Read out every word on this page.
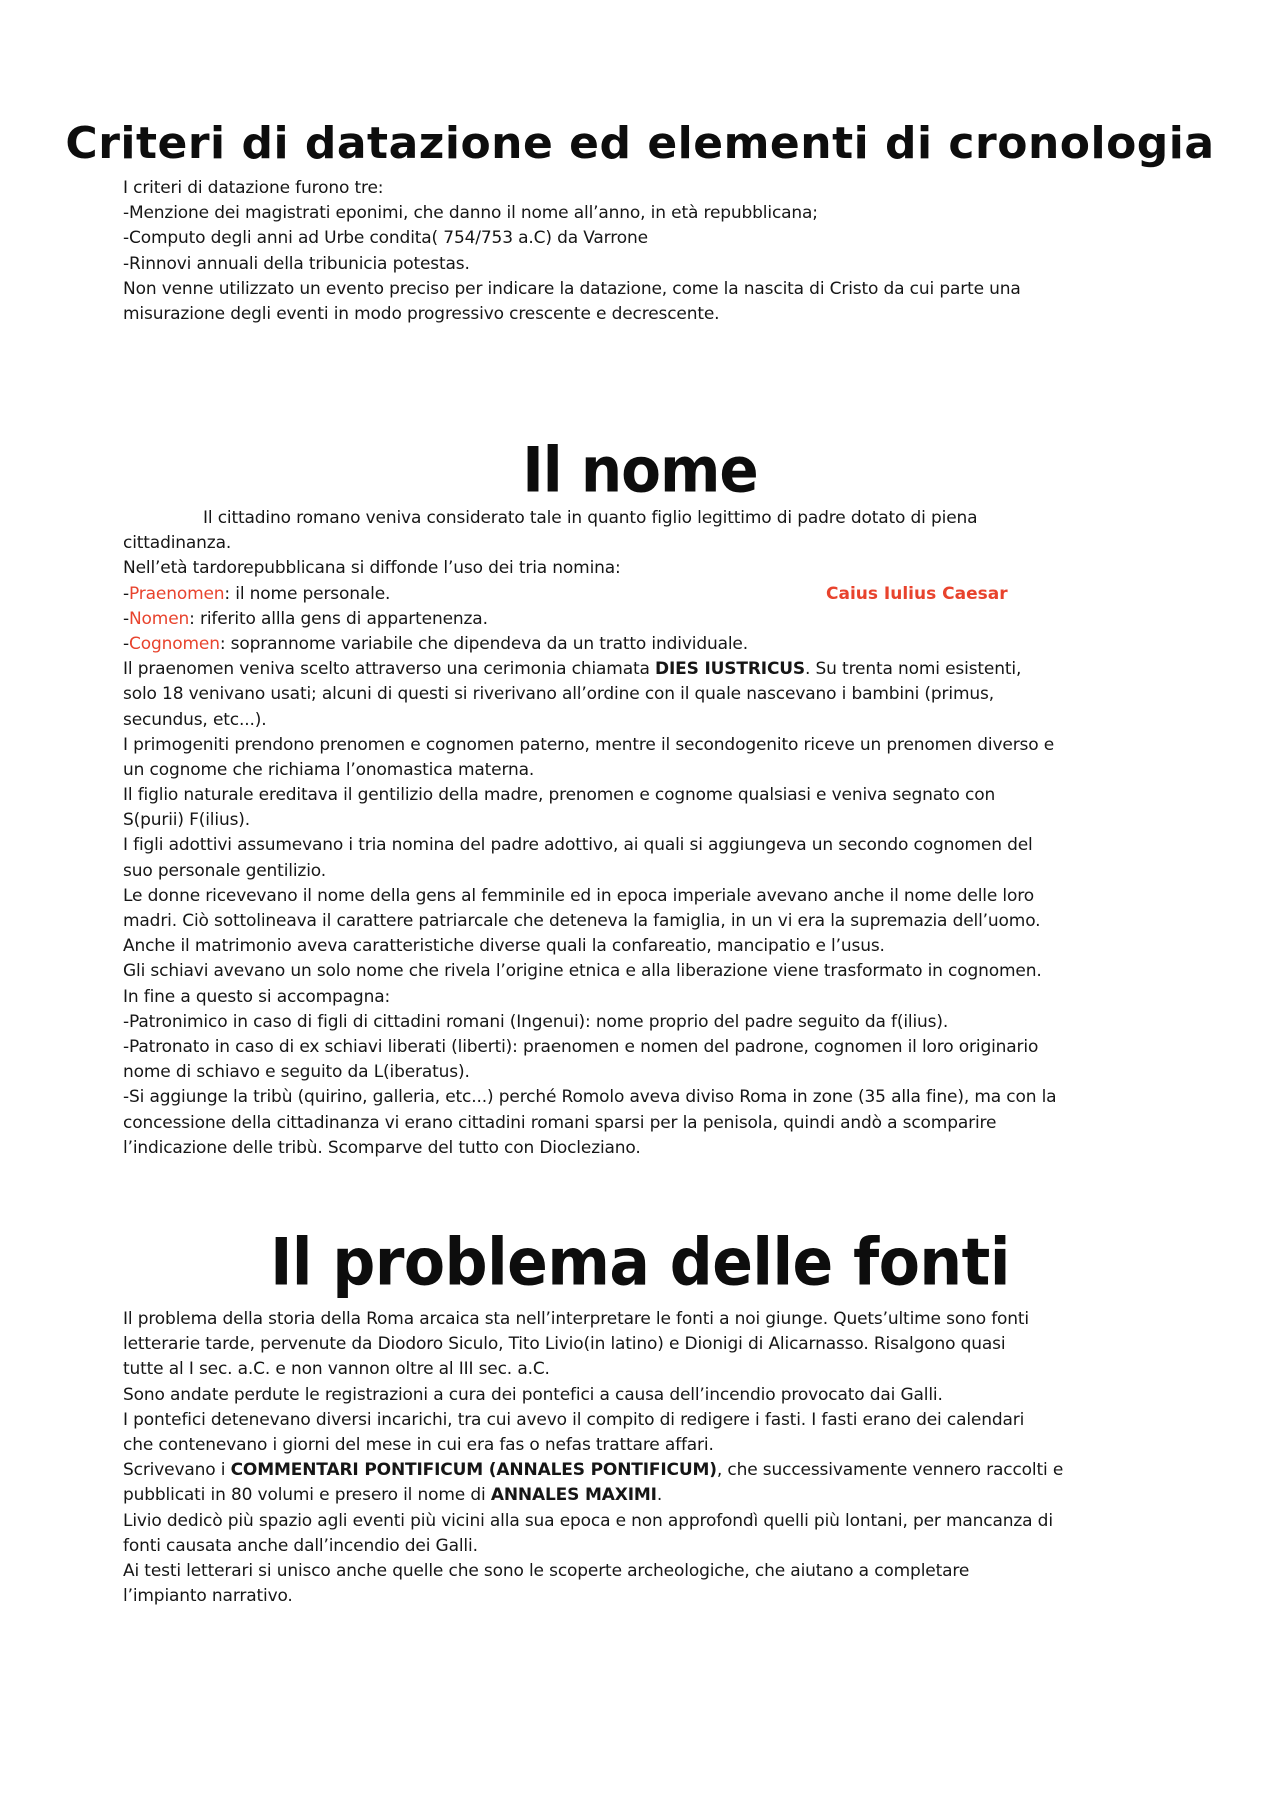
Criteri di datazione ed elementi di cronologia
I criteri di datazione furono tre:
-Menzione dei magistrati eponimi, che danno il nome all’anno, in età repubblicana;
-Computo degli anni ad Urbe condita( 754/753 a.C) da Varrone
-Rinnovi annuali della tribunicia potestas.
Non venne utilizzato un evento preciso per indicare la datazione, come la nascita di Cristo da cui parte una
misurazione degli eventi in modo progressivo crescente e decrescente.
Il nome
Caius Iulius Caesar
Il cittadino romano veniva considerato tale in quanto figlio legittimo di padre dotato di piena
cittadinanza.
Nell’età tardorepubblicana si diffonde l’uso dei tria nomina:
-Praenomen: il nome personale.
-Nomen: riferito allla gens di appartenenza.
-Cognomen: soprannome variabile che dipendeva da un tratto individuale.
Il praenomen veniva scelto attraverso una cerimonia chiamata DIES IUSTRICUS. Su trenta nomi esistenti,
solo 18 venivano usati; alcuni di questi si riverivano all’ordine con il quale nascevano i bambini (primus,
secundus, etc...).
I primogeniti prendono prenomen e cognomen paterno, mentre il secondogenito riceve un prenomen diverso e
un cognome che richiama l’onomastica materna.
Il figlio naturale ereditava il gentilizio della madre, prenomen e cognome qualsiasi e veniva segnato con
S(purii) F(ilius).
I figli adottivi assumevano i tria nomina del padre adottivo, ai quali si aggiungeva un secondo cognomen del
suo personale gentilizio.
Le donne ricevevano il nome della gens al femminile ed in epoca imperiale avevano anche il nome delle loro
madri. Ciò sottolineava il carattere patriarcale che deteneva la famiglia, in un vi era la supremazia dell’uomo.
Anche il matrimonio aveva caratteristiche diverse quali la confareatio, mancipatio e l’usus.
Gli schiavi avevano un solo nome che rivela l’origine etnica e alla liberazione viene trasformato in cognomen.
In fine a questo si accompagna:
-Patronimico in caso di figli di cittadini romani (Ingenui): nome proprio del padre seguito da f(ilius).
-Patronato in caso di ex schiavi liberati (liberti): praenomen e nomen del padrone, cognomen il loro originario
nome di schiavo e seguito da L(iberatus).
-Si aggiunge la tribù (quirino, galleria, etc...) perché Romolo aveva diviso Roma in zone (35 alla fine), ma con la
concessione della cittadinanza vi erano cittadini romani sparsi per la penisola, quindi andò a scomparire
l’indicazione delle tribù. Scomparve del tutto con Diocleziano.
Il problema delle fonti
Il problema della storia della Roma arcaica sta nell’interpretare le fonti a noi giunge. Quets’ultime sono fonti
letterarie tarde, pervenute da Diodoro Siculo, Tito Livio(in latino) e Dionigi di Alicarnasso. Risalgono quasi
tutte al I sec. a.C. e non vannon oltre al III sec. a.C.
Sono andate perdute le registrazioni a cura dei pontefici a causa dell’incendio provocato dai Galli.
I pontefici detenevano diversi incarichi, tra cui avevo il compito di redigere i fasti. I fasti erano dei calendari
che contenevano i giorni del mese in cui era fas o nefas trattare affari.
Scrivevano i COMMENTARI PONTIFICUM (ANNALES PONTIFICUM), che successivamente vennero raccolti e
pubblicati in 80 volumi e presero il nome di ANNALES MAXIMI.
Livio dedicò più spazio agli eventi più vicini alla sua epoca e non approfondì quelli più lontani, per mancanza di
fonti causata anche dall’incendio dei Galli.
Ai testi letterari si unisco anche quelle che sono le scoperte archeologiche, che aiutano a completare
l’impianto narrativo.
